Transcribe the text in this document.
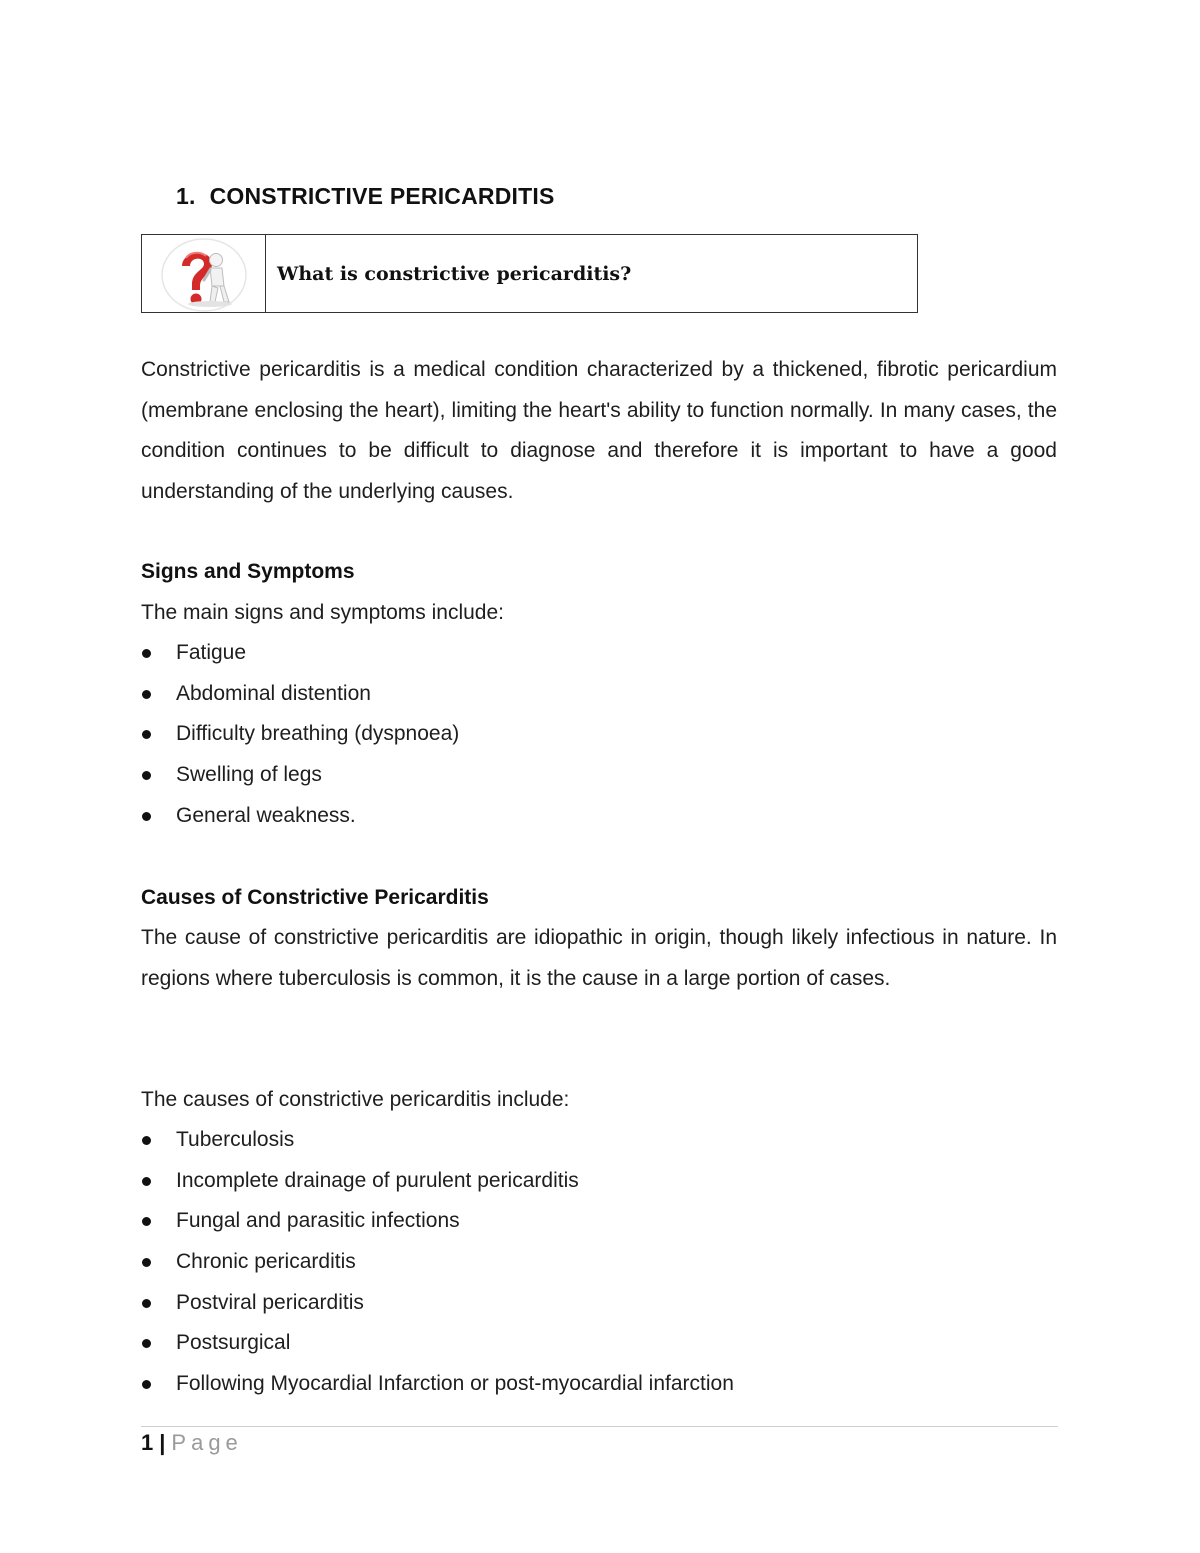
1. CONSTRICTIVE PERICARDITIS
What is constrictive pericarditis?
Constrictive pericarditis is a medical condition characterized by a thickened, fibrotic pericardium (membrane enclosing the heart), limiting the heart's ability to function normally. In many cases, the condition continues to be difficult to diagnose and therefore it is important to have a good understanding of the underlying causes.
Signs and Symptoms
The main signs and symptoms include:
Fatigue
Abdominal distention
Difficulty breathing (dyspnoea)
Swelling of legs
General weakness.
Causes of Constrictive Pericarditis
The cause of constrictive pericarditis are idiopathic in origin, though likely infectious in nature. In regions where tuberculosis is common, it is the cause in a large portion of cases.
The causes of constrictive pericarditis include:
Tuberculosis
Incomplete drainage of purulent pericarditis
Fungal and parasitic infections
Chronic pericarditis
Postviral pericarditis
Postsurgical
Following Myocardial Infarction or post-myocardial infarction
1 | Page
